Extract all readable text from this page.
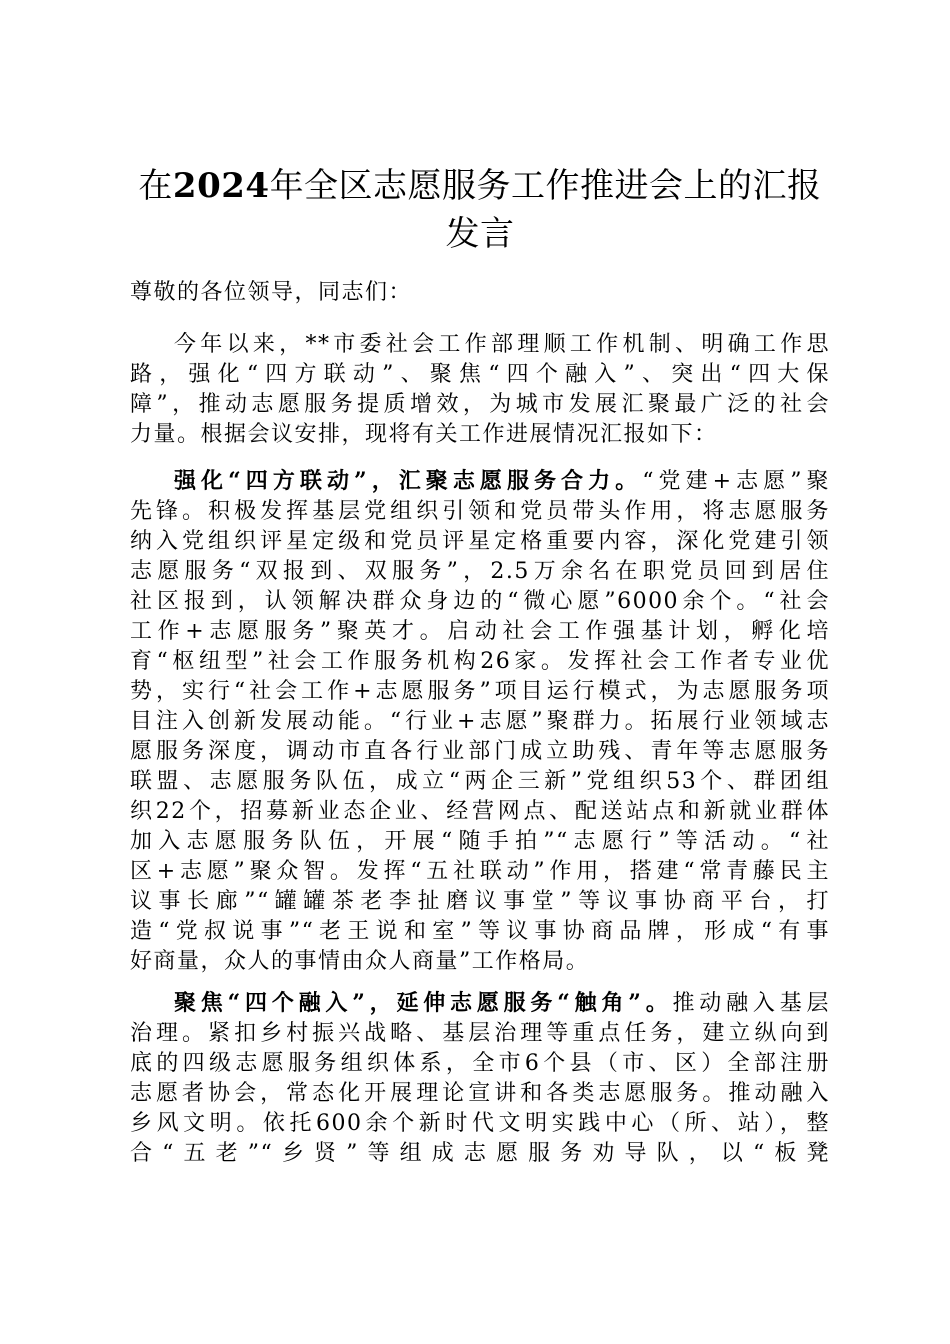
在2024年全区志愿服务工作推进会上的汇报
发言
尊敬的各位领导，同志们：
今年以来，**市委社会工作部理顺工作机制、明确工作思
路，强化“四方联动”、聚焦“四个融入”、突出“四大保
障”，推动志愿服务提质增效，为城市发展汇聚最广泛的社会
力量。根据会议安排，现将有关工作进展情况汇报如下：
强化“四方联动”，汇聚志愿服务合力。“党建+志愿”聚
先锋。积极发挥基层党组织引领和党员带头作用，将志愿服务
纳入党组织评星定级和党员评星定格重要内容，深化党建引领
志愿服务“双报到、双服务”，2.5万余名在职党员回到居住
社区报到，认领解决群众身边的“微心愿”6000余个。“社会
工作+志愿服务”聚英才。启动社会工作强基计划，孵化培
育“枢纽型”社会工作服务机构26家。发挥社会工作者专业优
势，实行“社会工作+志愿服务”项目运行模式，为志愿服务项
目注入创新发展动能。“行业+志愿”聚群力。拓展行业领域志
愿服务深度，调动市直各行业部门成立助残、青年等志愿服务
联盟、志愿服务队伍，成立“两企三新”党组织53个、群团组
织22个，招募新业态企业、经营网点、配送站点和新就业群体
加入志愿服务队伍，开展“随手拍”“志愿行”等活动。“社
区+志愿”聚众智。发挥“五社联动”作用，搭建“常青藤民主
议事长廊”“罐罐茶老李扯磨议事堂”等议事协商平台，打
造“党叔说事”“老王说和室”等议事协商品牌，形成“有事
好商量，众人的事情由众人商量”工作格局。
聚焦“四个融入”，延伸志愿服务“触角”。推动融入基层
治理。紧扣乡村振兴战略、基层治理等重点任务，建立纵向到
底的四级志愿服务组织体系，全市6个县（市、区）全部注册
志愿者协会，常态化开展理论宣讲和各类志愿服务。推动融入
乡风文明。依托600余个新时代文明实践中心（所、站），整
合“五老”“乡贤”等组成志愿服务劝导队，以“板凳
